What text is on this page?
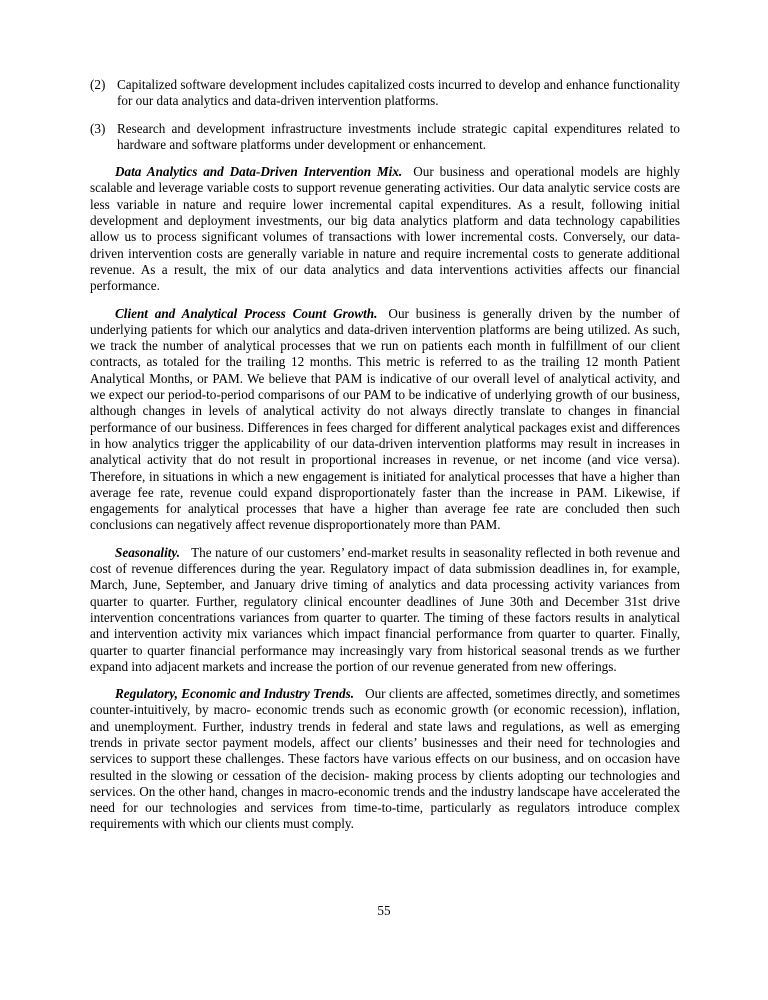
(2) Capitalized software development includes capitalized costs incurred to develop and enhance functionality for our data analytics and data-driven intervention platforms.
(3) Research and development infrastructure investments include strategic capital expenditures related to hardware and software platforms under development or enhancement.

Data Analytics and Data-Driven Intervention Mix. Our business and operational models are highly scalable and leverage variable costs to support revenue generating activities. Our data analytic service costs are less variable in nature and require lower incremental capital expenditures. As a result, following initial development and deployment investments, our big data analytics platform and data technology capabilities allow us to process significant volumes of transactions with lower incremental costs. Conversely, our data- driven intervention costs are generally variable in nature and require incremental costs to generate additional revenue. As a result, the mix of our data analytics and data interventions activities affects our financial performance.

Client and Analytical Process Count Growth. Our business is generally driven by the number of underlying patients for which our analytics and data-driven intervention platforms are being utilized. As such, we track the number of analytical processes that we run on patients each month in fulfillment of our client contracts, as totaled for the trailing 12 months. This metric is referred to as the trailing 12 month Patient Analytical Months, or PAM. We believe that PAM is indicative of our overall level of analytical activity, and we expect our period-to-period comparisons of our PAM to be indicative of underlying growth of our business, although changes in levels of analytical activity do not always directly translate to changes in financial performance of our business. Differences in fees charged for different analytical packages exist and differences in how analytics trigger the applicability of our data-driven intervention platforms may result in increases in analytical activity that do not result in proportional increases in revenue, or net income (and vice versa). Therefore, in situations in which a new engagement is initiated for analytical processes that have a higher than average fee rate, revenue could expand disproportionately faster than the increase in PAM. Likewise, if engagements for analytical processes that have a higher than average fee rate are concluded then such conclusions can negatively affect revenue disproportionately more than PAM.

Seasonality. The nature of our customers’ end-market results in seasonality reflected in both revenue and cost of revenue differences during the year. Regulatory impact of data submission deadlines in, for example, March, June, September, and January drive timing of analytics and data processing activity variances from quarter to quarter. Further, regulatory clinical encounter deadlines of June 30th and December 31st drive intervention concentrations variances from quarter to quarter. The timing of these factors results in analytical and intervention activity mix variances which impact financial performance from quarter to quarter. Finally, quarter to quarter financial performance may increasingly vary from historical seasonal trends as we further expand into adjacent markets and increase the portion of our revenue generated from new offerings.

Regulatory, Economic and Industry Trends. Our clients are affected, sometimes directly, and sometimes counter-intuitively, by macro- economic trends such as economic growth (or economic recession), inflation, and unemployment. Further, industry trends in federal and state laws and regulations, as well as emerging trends in private sector payment models, affect our clients’ businesses and their need for technologies and services to support these challenges. These factors have various effects on our business, and on occasion have resulted in the slowing or cessation of the decision- making process by clients adopting our technologies and services. On the other hand, changes in macro-economic trends and the industry landscape have accelerated the need for our technologies and services from time-to-time, particularly as regulators introduce complex requirements with which our clients must comply.

55
